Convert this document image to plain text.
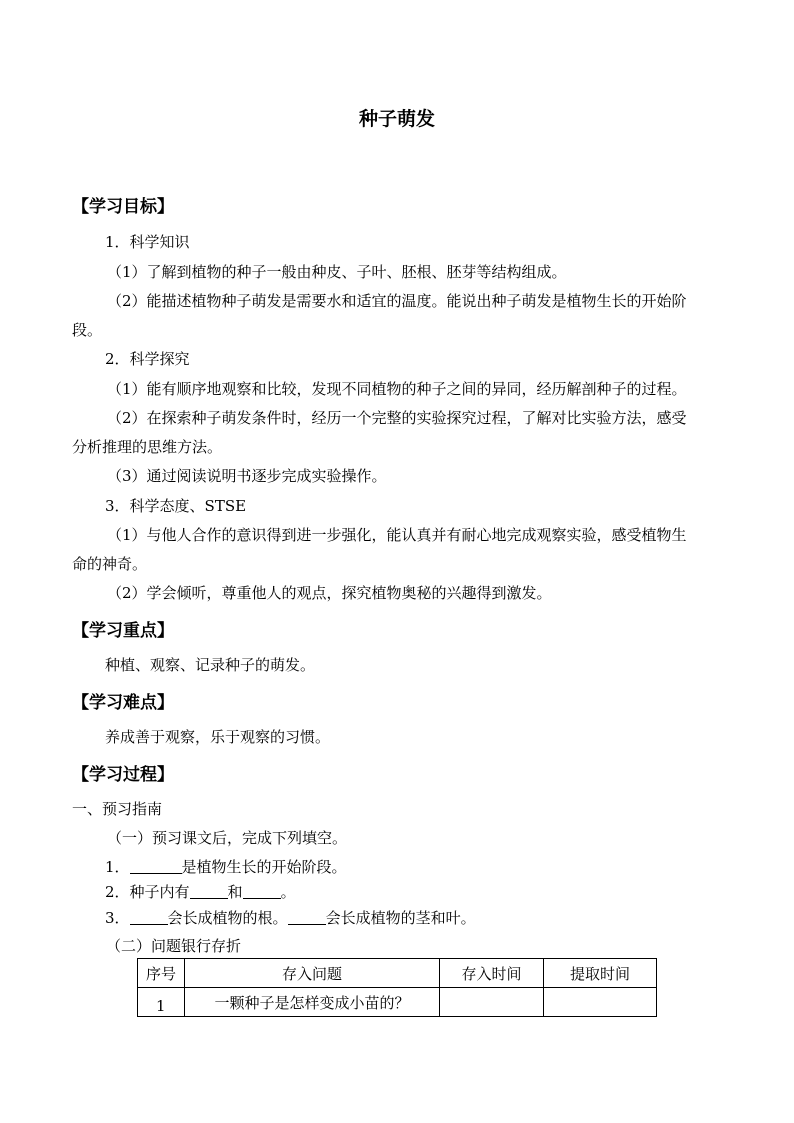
种子萌发
【学习目标】
1．科学知识
（1）了解到植物的种子一般由种皮、子叶、胚根、胚芽等结构组成。
（2）能描述植物种子萌发是需要水和适宜的温度。能说出种子萌发是植物生长的开始阶
段。
2．科学探究
（1）能有顺序地观察和比较，发现不同植物的种子之间的异同，经历解剖种子的过程。
（2）在探索种子萌发条件时，经历一个完整的实验探究过程，了解对比实验方法，感受
分析推理的思维方法。
（3）通过阅读说明书逐步完成实验操作。
3．科学态度、STSE
（1）与他人合作的意识得到进一步强化，能认真并有耐心地完成观察实验，感受植物生
命的神奇。
（2）学会倾听，尊重他人的观点，探究植物奥秘的兴趣得到激发。
【学习重点】
种植、观察、记录种子的萌发。
【学习难点】
养成善于观察，乐于观察的习惯。
【学习过程】
一、预习指南
（一）预习课文后，完成下列填空。
1．	是植物生长的开始阶段。
2．种子内有	和	。
3．	会长成植物的根。	会长成植物的茎和叶。
（二）问题银行存折
序号	存入问题	存入时间	提取时间
1	一颗种子是怎样变成小苗的？		
